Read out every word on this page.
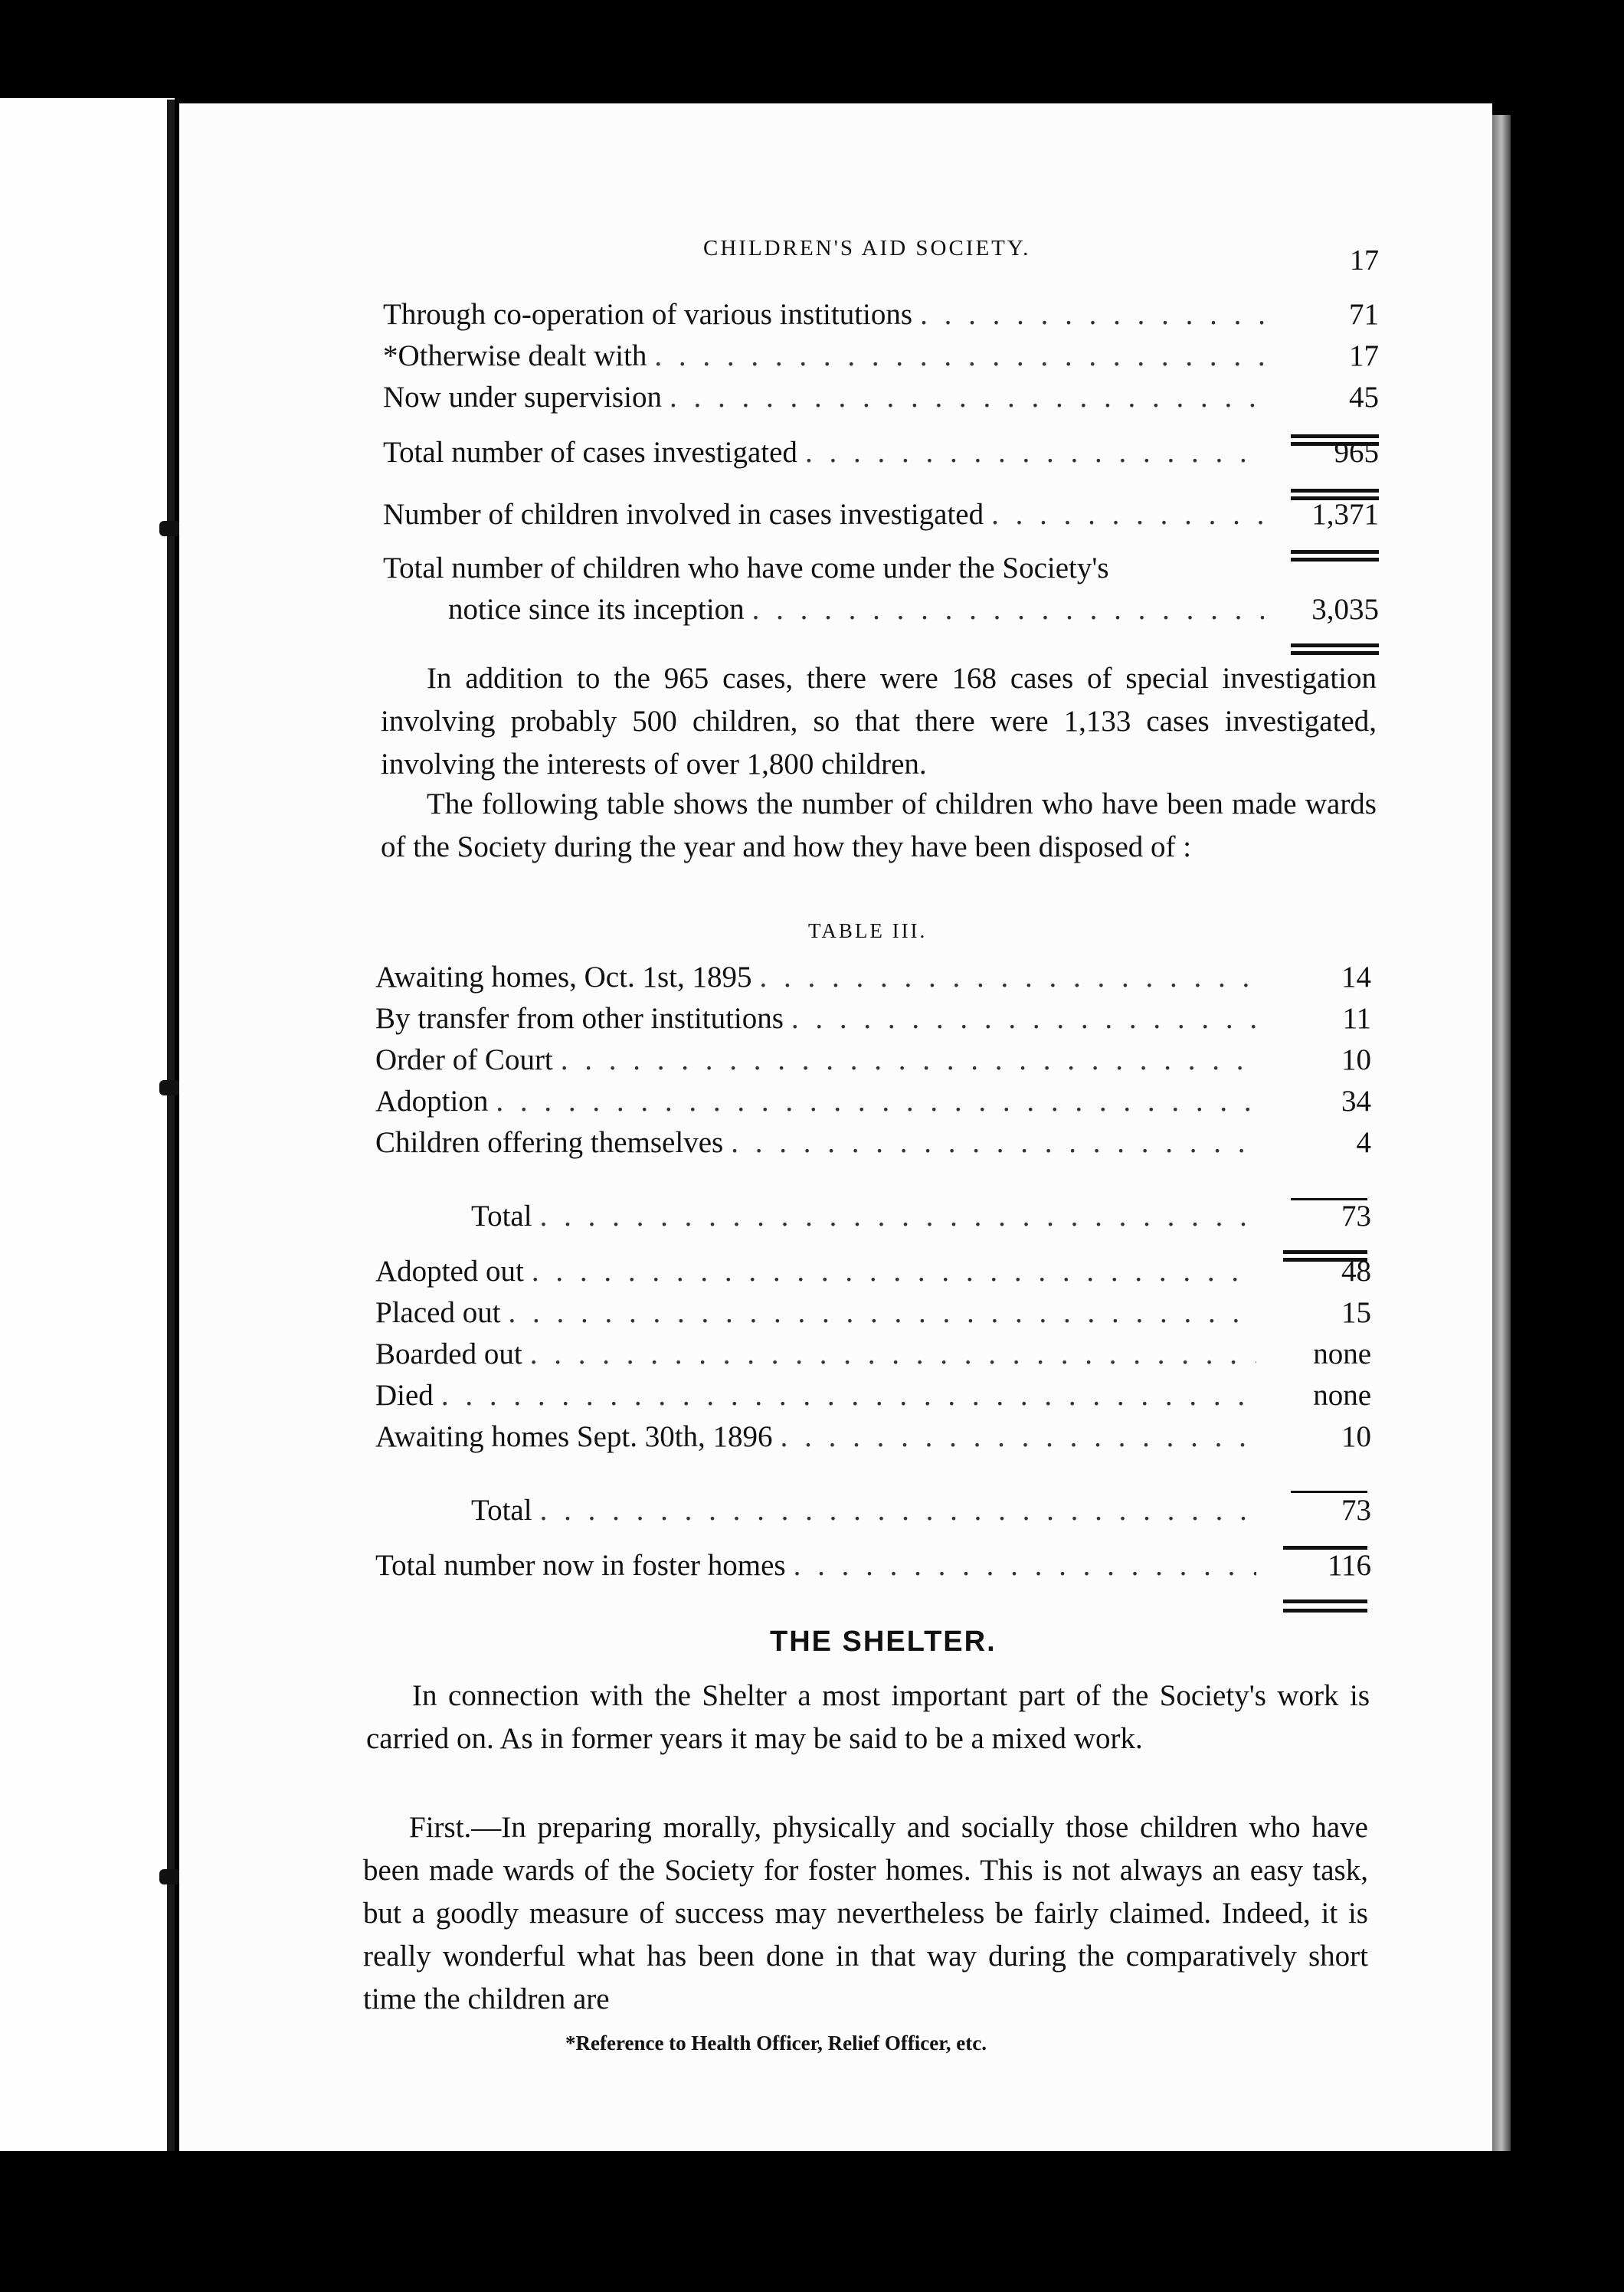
CHILDREN'S AID SOCIETY.	17
Through co-operation of various institutions . . .	71
*Otherwise dealt with . . .	17
Now under supervision . . .	45
Total number of cases investigated . . .	965
Number of children involved in cases investigated . . .	1,371
Total number of children who have come under the Society's
notice since its inception . . .	3,035
In addition to the 965 cases, there were 168 cases of special investigation involving probably 500 children, so that there were 1,133 cases investigated, involving the interests of over 1,800 children.
The following table shows the number of children who have been made wards of the Society during the year and how they have been disposed of :
TABLE III.
Awaiting homes, Oct. 1st, 1895 . . .	14
By transfer from other institutions . . .	11
Order of Court . . .	10
Adoption . . .	34
Children offering themselves . . .	4
Total . . .	73
Adopted out . . .	48
Placed out . . .	15
Boarded out . . .	none
Died . . .	none
Awaiting homes Sept. 30th, 1896 . . .	10
Total . . .	73
Total number now in foster homes . . .	116
THE SHELTER.
In connection with the Shelter a most important part of the Society's work is carried on. As in former years it may be said to be a mixed work.
First.—In preparing morally, physically and socially those children who have been made wards of the Society for foster homes. This is not always an easy task, but a goodly measure of success may nevertheless be fairly claimed. Indeed, it is really wonderful what has been done in that way during the comparatively short time the children are
*Reference to Health Officer, Relief Officer, etc.
